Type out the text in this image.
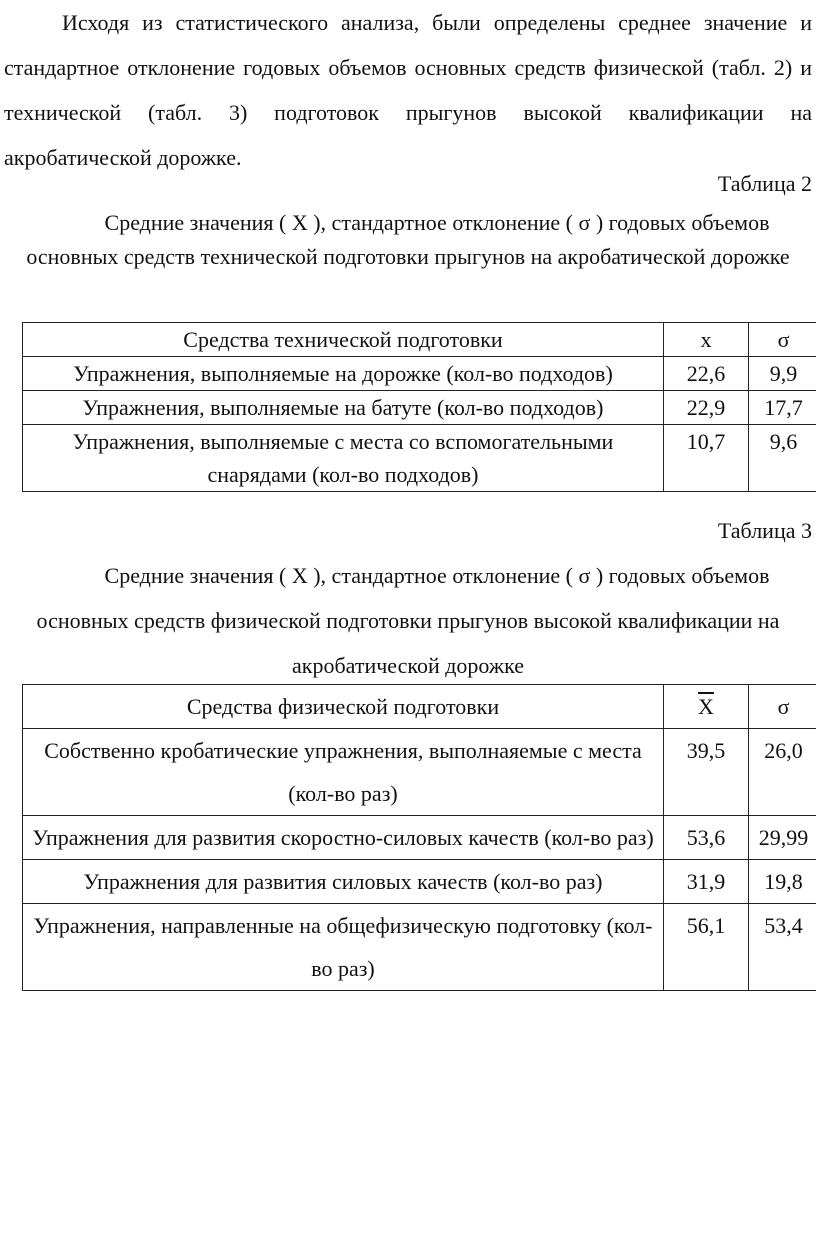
Исходя из статистического анализа, были определены среднее значение и стандартное отклонение годовых объемов основных средств физической (табл. 2) и технической (табл. 3) подготовок прыгунов высокой квалификации на акробатической дорожке.

Таблица 2

Средние значения ( X ), стандартное отклонение ( σ ) годовых объемов основных средств технической подготовки прыгунов на акробатической дорожке

Средства технической подготовки	х	σ
Упражнения, выполняемые на дорожке (кол-во подходов)	22,6	9,9
Упражнения, выполняемые на батуте (кол-во подходов)	22,9	17,7
Упражнения, выполняемые с места со вспомогательными снарядами (кол-во подходов)	10,7	9,6
Таблица 3

Средние значения ( X ), стандартное отклонение ( σ ) годовых объемов основных средств физической подготовки прыгунов высокой квалификации на акробатической дорожке

Средства физической подготовки	$\overline{X}$	σ
Собственно кробатические упражнения, выполнаяемые с места (кол-во раз)	39,5	26,0
Упражнения для развития скоростно-силовых качеств (кол-во раз)	53,6	29,99
Упражнения для развития силовых качеств (кол-во раз)	31,9	19,8
Упражнения, направленные на общефизическую подготовку (кол-во раз)	56,1	53,4
